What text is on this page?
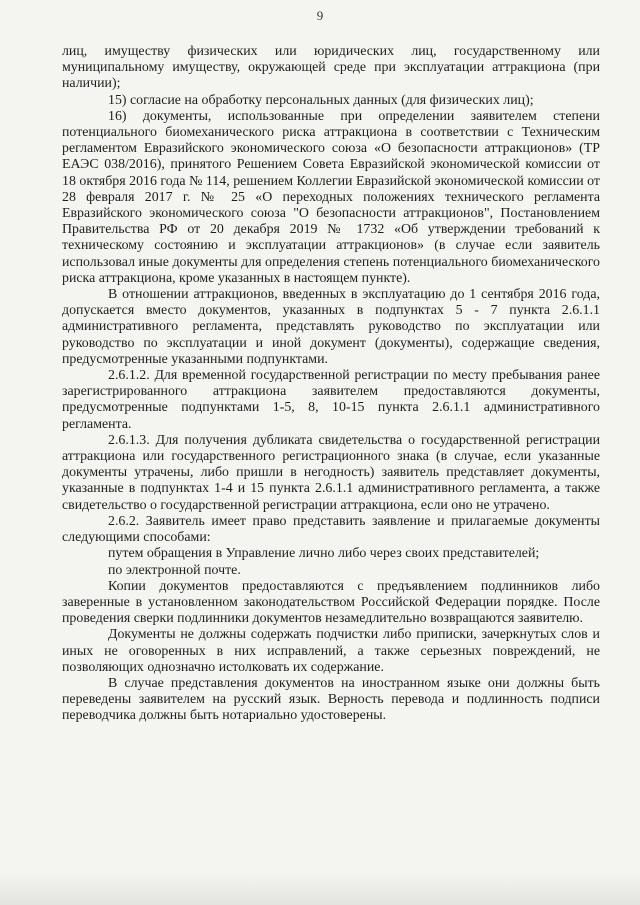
9

лиц, имуществу физических или юридических лиц, государственному или муниципальному имуществу, окружающей среде при эксплуатации аттракциона (при наличии);

15) согласие на обработку персональных данных (для физических лиц);

16) документы, использованные при определении заявителем степени потенциального биомеханического риска аттракциона в соответствии с Техническим регламентом Евразийского экономического союза «О безопасности аттракционов» (ТР ЕАЭС 038/2016), принятого Решением Совета Евразийской экономической комиссии от 18 октября 2016 года № 114, решением Коллегии Евразийской экономической комиссии от 28 февраля 2017 г. № 25 «О переходных положениях технического регламента Евразийского экономического союза "О безопасности аттракционов", Постановлением Правительства РФ от 20 декабря 2019 № 1732 «Об утверждении требований к техническому состоянию и эксплуатации аттракционов» (в случае если заявитель использовал иные документы для определения степень потенциального биомеханического риска аттракциона, кроме указанных в настоящем пункте).

В отношении аттракционов, введенных в эксплуатацию до 1 сентября 2016 года, допускается вместо документов, указанных в подпунктах 5 - 7 пункта 2.6.1.1 административного регламента, представлять руководство по эксплуатации или руководство по эксплуатации и иной документ (документы), содержащие сведения, предусмотренные указанными подпунктами.

2.6.1.2. Для временной государственной регистрации по месту пребывания ранее зарегистрированного аттракциона заявителем предоставляются документы, предусмотренные подпунктами 1-5, 8, 10-15 пункта 2.6.1.1 административного регламента.

2.6.1.3. Для получения дубликата свидетельства о государственной регистрации аттракциона или государственного регистрационного знака (в случае, если указанные документы утрачены, либо пришли в негодность) заявитель представляет документы, указанные в подпунктах 1-4 и 15 пункта 2.6.1.1 административного регламента, а также свидетельство о государственной регистрации аттракциона, если оно не утрачено.

2.6.2. Заявитель имеет право представить заявление и прилагаемые документы следующими способами:

путем обращения в Управление лично либо через своих представителей;

по электронной почте.

Копии документов предоставляются с предъявлением подлинников либо заверенные в установленном законодательством Российской Федерации порядке. После проведения сверки подлинники документов незамедлительно возвращаются заявителю.

Документы не должны содержать подчистки либо приписки, зачеркнутых слов и иных не оговоренных в них исправлений, а также серьезных повреждений, не позволяющих однозначно истолковать их содержание.

В случае представления документов на иностранном языке они должны быть переведены заявителем на русский язык. Верность перевода и подлинность подписи переводчика должны быть нотариально удостоверены.
